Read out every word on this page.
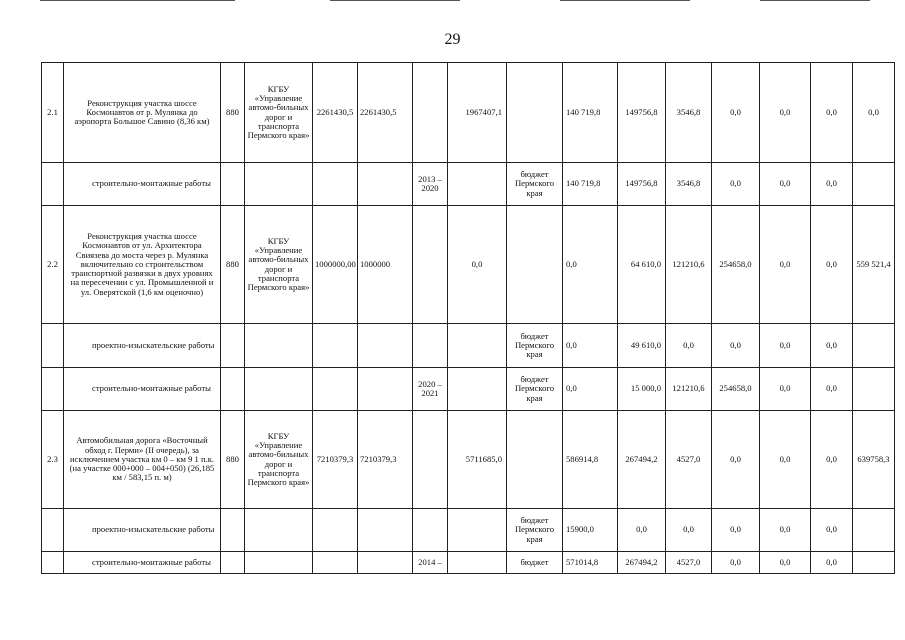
29
2.1	Реконструкция участка шоссе Космонавтов от р. Мулянка до аэропорта Большое Савино (8,36 км)	880	КГБУ «Управление автомо-бильных дорог и транспорта Пермского края»	2261430,5	2261430,5		1967407,1		140 719,8	149756,8	3546,8	0,0	0,0	0,0	0,0
	строительно-монтажные работы					2013 – 2020		бюджет Пермского края	140 719,8	149756,8	3546,8	0,0	0,0	0,0	
2.2	Реконструкция участка шоссе Космонавтов от ул. Архитектора Свиязева до моста через р. Мулянка включительно со строительством транспортной развязки в двух уровнях на пересечении с ул. Промышленной и ул. Оверятской (1,6 км оценочно)	880	КГБУ «Управление автомо-бильных дорог и транспорта Пермского края»	1000000,00	1000000		0,0		0,0	64 610,0	121210,6	254658,0	0,0	0,0	559 521,4
	проектно-изыскательские работы							бюджет Пермского края	0,0	49 610,0	0,0	0,0	0,0	0,0	
	строительно-монтажные работы					2020 – 2021		бюджет Пермского края	0,0	15 000,0	121210,6	254658,0	0,0	0,0	
2.3	Автомобильная дорога «Восточный обход г. Перми» (II очередь), за исключением участка км 0 – км 9 1 п.к. (на участке 000+000 – 004+050) (26,185 км / 583,15 п. м)	880	КГБУ «Управление автомо-бильных дорог и транспорта Пермского края»	7210379,3	7210379,3		5711685,0		586914,8	267494,2	4527,0	0,0	0,0	0,0	639758,3
	проектно-изыскательские работы							бюджет Пермского края	15900,0	0,0	0,0	0,0	0,0	0,0	
	строительно-монтажные работы					2014 –		бюджет	571014,8	267494,2	4527,0	0,0	0,0	0,0	
